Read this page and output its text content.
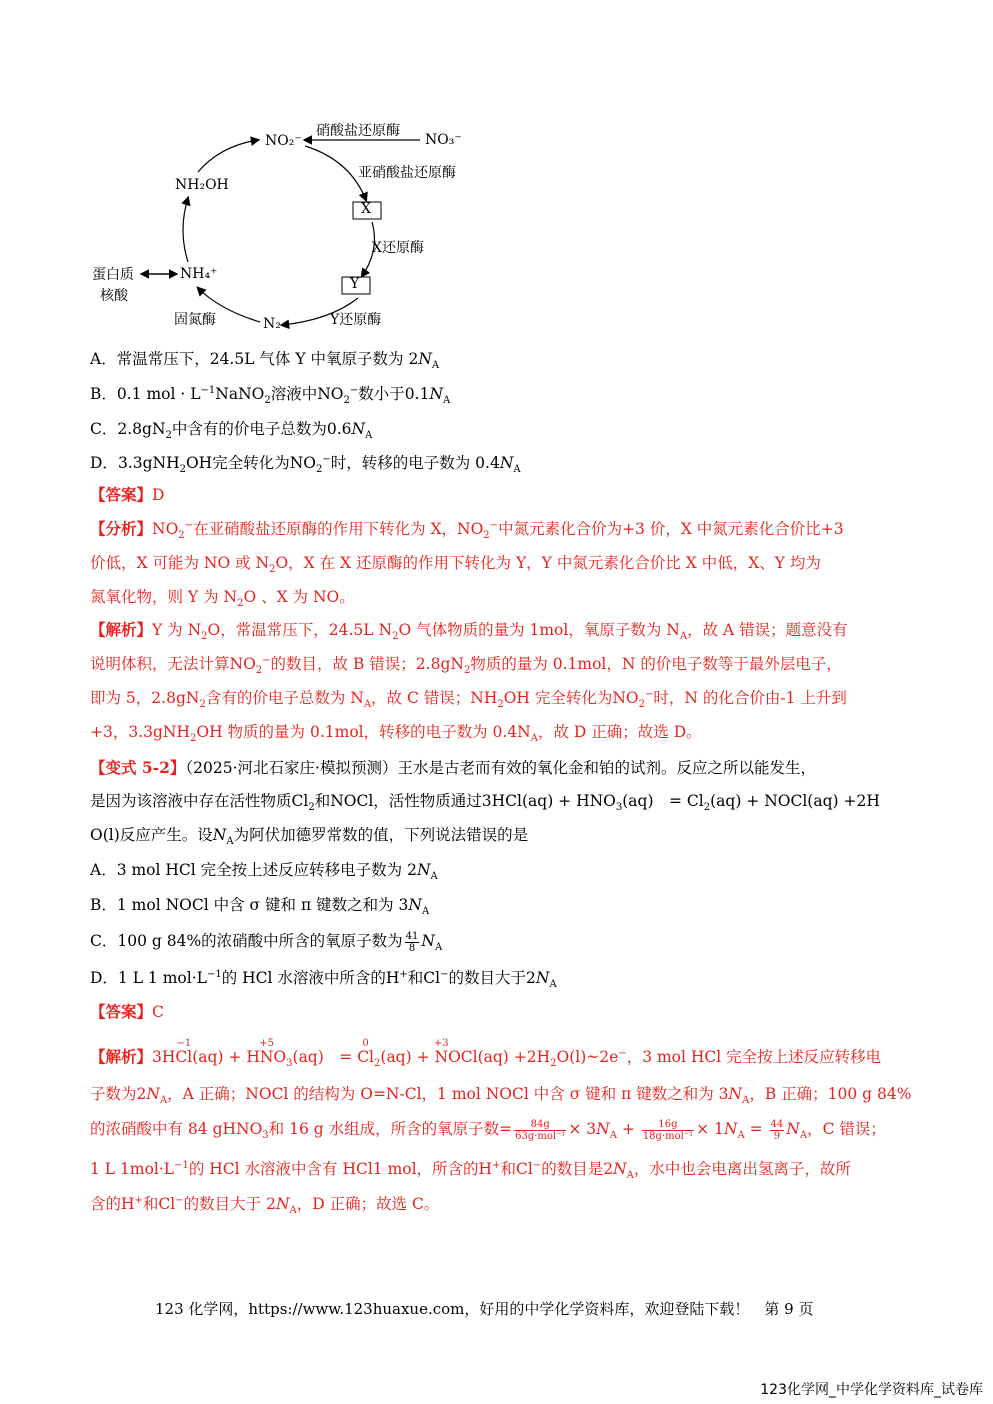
NO₂⁻	NO₃⁻
X
Y
N₂
NH₄⁺
NH₂OH
蛋白质
核酸
硝酸盐还原酶
亚硝酸盐还原酶
X还原酶
Y还原酶
固氮酶
A．常温常压下，24.5L 气体 Y 中氧原子数为 $2N_A$
B．0.1 mol · $L^{-1}NaNO_2$溶液中$NO_2^-$数小于$0.1N_A$
C．$2.8gN_2$中含有的价电子总数为$0.6N_A$
D．3.3gNH$_2$OH完全转化为$NO_2^-$时，转移的电子数为 $0.4N_A$
【答案】D
【分析】$NO_2^-$在亚硝酸盐还原酶的作用下转化为 X，$NO_2^-$中氮元素化合价为+3 价，X 中氮元素化合价比+3
价低，X 可能为 NO 或 $N_2O$，X 在 X 还原酶的作用下转化为 Y，Y 中氮元素化合价比 X 中低，X、Y 均为
氮氧化物，则 Y 为 $N_2O$ 、X 为 NO。
【解析】Y 为 $N_2O$，常温常压下，24.5L $N_2O$ 气体物质的量为 1mol，氧原子数为 $N_A$，故 A 错误；题意没有
说明体积，无法计算$NO_2^-$的数目，故 B 错误；$2.8gN_2$物质的量为 0.1mol，N 的价电子数等于最外层电子，
即为 5，$2.8gN_2$含有的价电子总数为 $N_A$，故 C 错误；$NH_2OH$ 完全转化为$NO_2^-$时，N 的化合价由-1 上升到
+3，3.3gNH$_2$OH 物质的量为 0.1mol，转移的电子数为 $0.4N_A$，故 D 正确；故选 D。
【变式 5-2】（2025·河北石家庄·模拟预测）王水是古老而有效的氧化金和铂的试剂。反应之所以能发生，
是因为该溶液中存在活性物质$Cl_2$和NOCl，活性物质通过$3HCl(aq) + HNO_3(aq)$　= $Cl_2(aq)$ + NOCl(aq) +2H
O(l)反应产生。设$N_A$为阿伏加德罗常数的值，下列说法错误的是
A．3 mol HCl 完全按上述反应转移电子数为 $2N_A$
B．1 mol NOCl 中含 σ 键和 π 键数之和为 $3N_A$
C．100 g 84%的浓硝酸中所含的氧原子数为 $\frac{41}{8} N_A$
D．1 L 1 $mol\cdot L^{-1}$的 HCl 水溶液中所含的H+和Cl−的数目大于$2N_A$
【答案】C
【解析】3H
−1
Cl(aq) + H
+5
$NO_3(aq)$　=
0
$Cl_2(aq)$ +
+3
NOCl(aq) $+2H_2O(l)\sim 2e^-$，3 mol HCl 完全按上述反应转移电
子数为$2N_A$，A 正确；NOCl 的结构为 O=N-Cl，1 mol NOCl 中含 σ 键和 π 键数之和为 $3N_A$，B 正确；100 g 84%
的浓硝酸中有 84 gHNO$_3$和 16 g 水组成，所含的氧原子数= $\frac{84g}{\text{63g·mol⁻¹}} \times 3N_A + \frac{16g}{\text{18g·mol⁻¹}} \times 1N_A = \frac{44}{9} N_A$，C 错误；
1 L $1mol\cdot L^{-1}$的 HCl 水溶液中含有 HCl1 mol，所含的H+和Cl−的数目是$2N_A$，水中也会电离出氢离子，故所
含的H+和Cl−的数目大于 $2N_A$，D 正确；故选 C。
123 化学网，https://www.123huaxue.com，好用的中学化学资料库，欢迎登陆下载！　第 9 页
123化学网_中学化学资料库_试卷库
